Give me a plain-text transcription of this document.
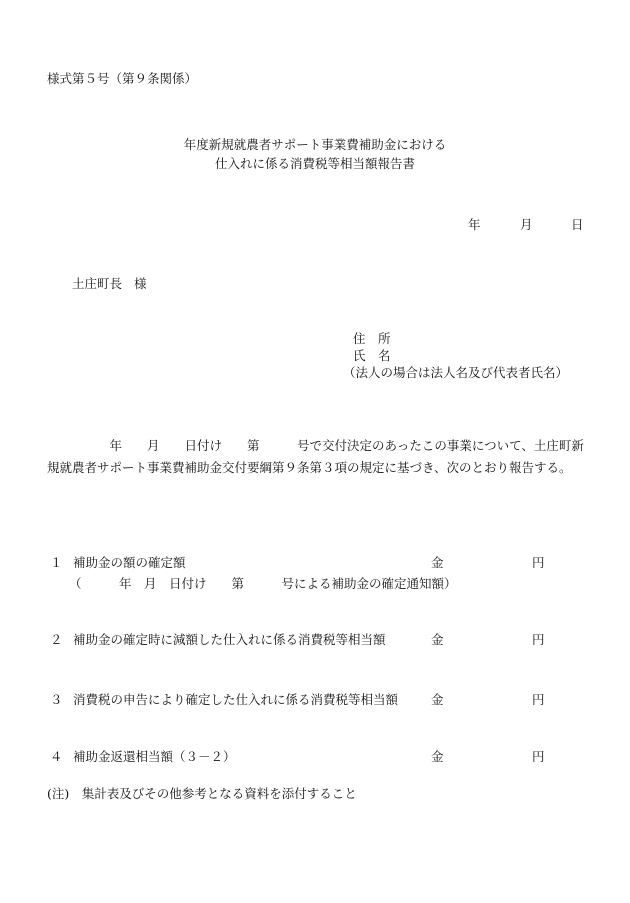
様式第５号（第９条関係）
年度新規就農者サポート事業費補助金における
仕入れに係る消費税等相当額報告書
年	月	日
土庄町長 様
住　所
氏　名
（法人の場合は法人名及び代表者氏名）
　　　　　年　　月　　日付け　　第　　　号で交付決定のあったこの事業について、土庄町新
規就農者サポート事業費補助金交付要綱第９条第３項の規定に基づき、次のとおり報告する。
１ 補助金の額の確定額	金	円
（　　　年　月　日付け　　第　　　号による補助金の確定通知額）
２ 補助金の確定時に減額した仕入れに係る消費税等相当額	金	円
３ 消費税の申告により確定した仕入れに係る消費税等相当額	金	円
４ 補助金返還相当額（３－２）	金	円
(注)　集計表及びその他参考となる資料を添付すること
